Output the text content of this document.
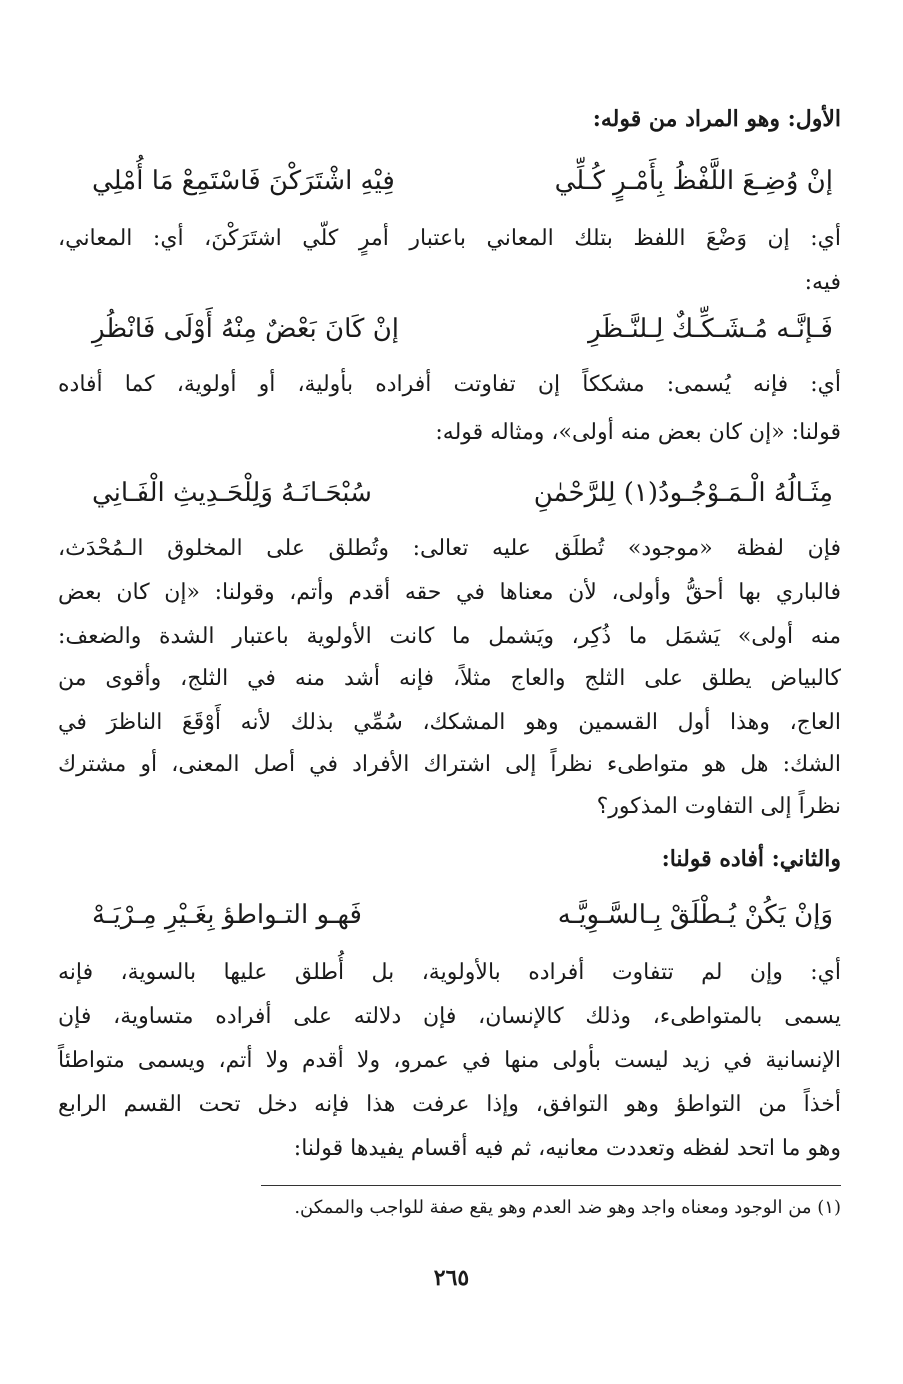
الأول: وهو المراد من قوله:
إنْ وُضِـعَ اللَّفْظُ بِأَمْـرٍ كُـلِّي
فِيْهِ اشْتَرَكْنَ فَاسْتَمِعْ مَا أُمْلِي
أي: إن وَضْعَ اللفظ بتلك المعاني باعتبار أمرٍ كلّي اشتَرَكْنَ، أي: المعاني،
فيه:
فَـإنَّـه مُـشَـكِّـكٌ لِـلنَّـظَرِ
إنْ كَانَ بَعْضٌ مِنْهُ أَوْلَى فَانْظُرِ
أي: فإنه يُسمى: مشككاً إن تفاوتت أفراده بأولية، أو أولوية، كما أفاده
قولنا: «إن كان بعض منه أولى»، ومثاله قوله:
مِثَـالُهُ الْـمَـوْجُـودُ(١) لِلرَّحْمٰنِ
سُبْحَـانَـهُ وَلِلْحَـدِيثِ الْفَـانِي
فإن لفظة «موجود» تُطلَق عليه تعالى: وتُطلق على المخلوق الـمُحْدَث،
فالباري بها أحقُّ وأولى، لأن معناها في حقه أقدم وأتم، وقولنا: «إن كان بعض
منه أولى» يَشمَل ما ذُكِر، ويَشمل ما كانت الأولوية باعتبار الشدة والضعف:
كالبياض يطلق على الثلج والعاج مثلاً، فإنه أشد منه في الثلج، وأقوى من
العاج، وهذا أول القسمين وهو المشكك، سُمِّي بذلك لأنه أَوْقَعَ الناظرَ في
الشك: هل هو متواطىء نظراً إلى اشتراك الأفراد في أصل المعنى، أو مشترك
نظراً إلى التفاوت المذكور؟
والثاني: أفاده قولنا:
وَإنْ يَكُنْ يُـطْلَقْ بِـالسَّـوِيَّـه
فَهـو التـواطؤ بِغَـيْرِ مِـرْيَـهْ
أي: وإن لم تتفاوت أفراده بالأولوية، بل أُطلق عليها بالسوية، فإنه
يسمى بالمتواطىء، وذلك كالإنسان، فإن دلالته على أفراده متساوية، فإن
الإنسانية في زيد ليست بأولى منها في عمرو، ولا أقدم ولا أتم، ويسمى متواطئاً
أخذاً من التواطؤ وهو التوافق، وإذا عرفت هذا فإنه دخل تحت القسم الرابع
وهو ما اتحد لفظه وتعددت معانيه، ثم فيه أقسام يفيدها قولنا:
(١) من الوجود ومعناه واجد وهو ضد العدم وهو يقع صفة للواجب والممكن.
٢٦٥
